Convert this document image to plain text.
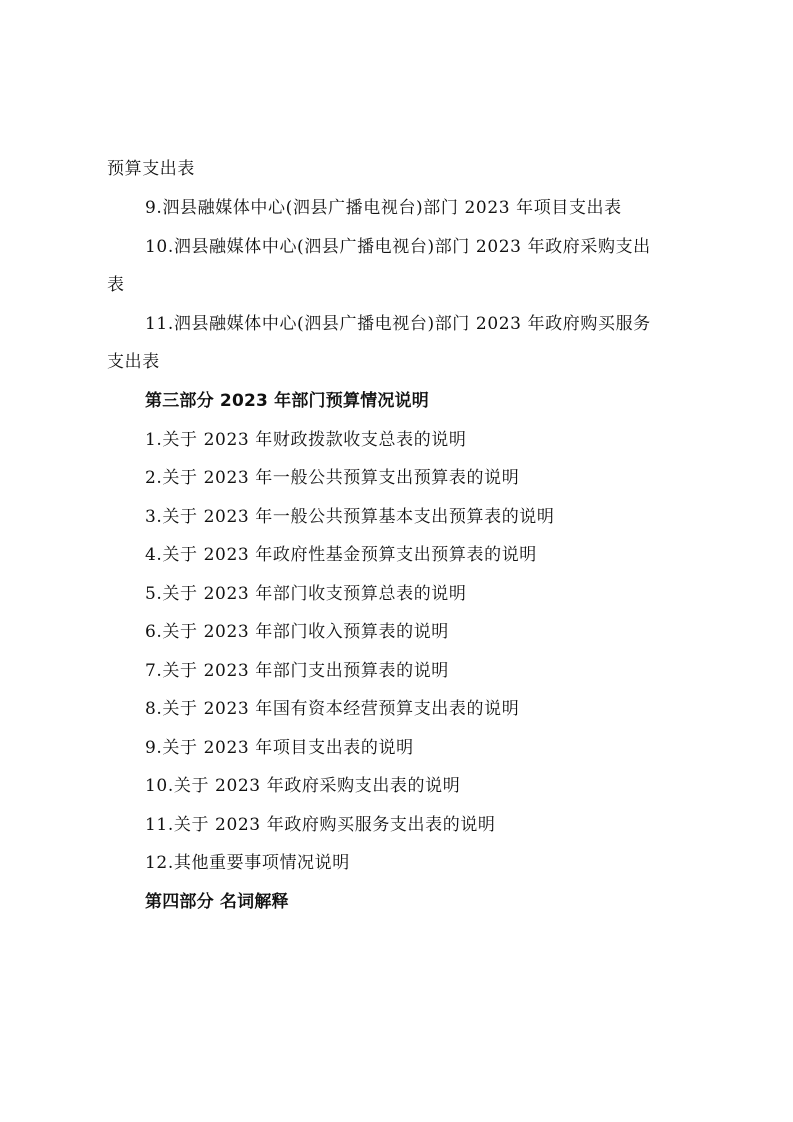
预算支出表
9.泗县融媒体中心(泗县广播电视台)部门 2023 年项目支出表
10.泗县融媒体中心(泗县广播电视台)部门 2023 年政府采购支出
表
11.泗县融媒体中心(泗县广播电视台)部门 2023 年政府购买服务
支出表
第三部分 2023 年部门预算情况说明
1.关于 2023 年财政拨款收支总表的说明
2.关于 2023 年一般公共预算支出预算表的说明
3.关于 2023 年一般公共预算基本支出预算表的说明
4.关于 2023 年政府性基金预算支出预算表的说明
5.关于 2023 年部门收支预算总表的说明
6.关于 2023 年部门收入预算表的说明
7.关于 2023 年部门支出预算表的说明
8.关于 2023 年国有资本经营预算支出表的说明
9.关于 2023 年项目支出表的说明
10.关于 2023 年政府采购支出表的说明
11.关于 2023 年政府购买服务支出表的说明
12.其他重要事项情况说明
第四部分 名词解释
